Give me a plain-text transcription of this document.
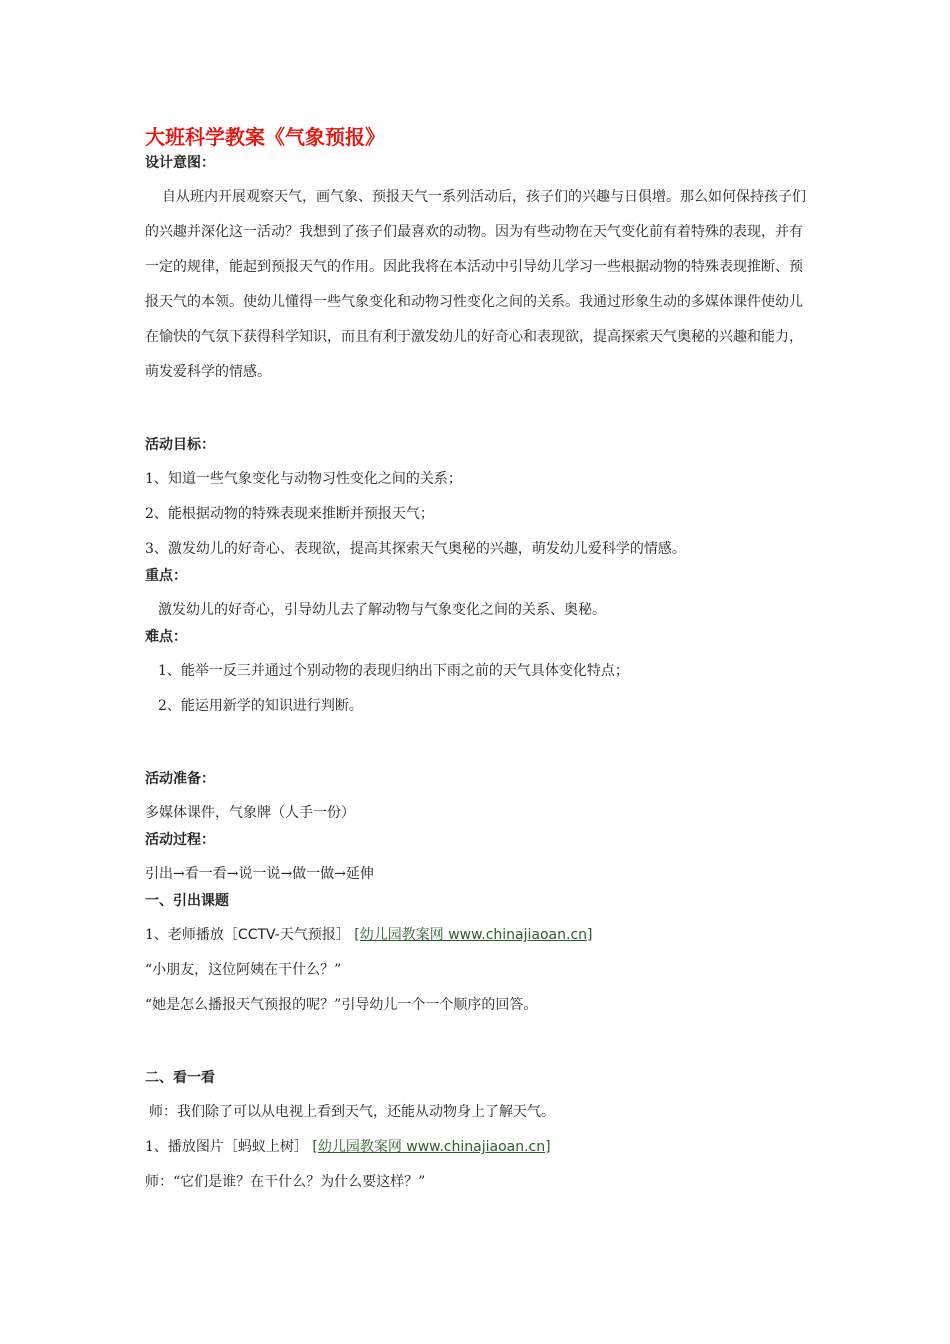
大班科学教案《气象预报》

设计意图：

自从班内开展观察天气，画气象、预报天气一系列活动后，孩子们的兴趣与日俱增。那么如何保持孩子们的兴趣并深化这一活动？我想到了孩子们最喜欢的动物。因为有些动物在天气变化前有着特殊的表现，并有一定的规律，能起到预报天气的作用。因此我将在本活动中引导幼儿学习一些根据动物的特殊表现推断、预报天气的本领。使幼儿懂得一些气象变化和动物习性变化之间的关系。我通过形象生动的多媒体课件使幼儿在愉快的气氛下获得科学知识，而且有利于激发幼儿的好奇心和表现欲，提高探索天气奥秘的兴趣和能力，萌发爱科学的情感。

活动目标：

1、知道一些气象变化与动物习性变化之间的关系；

2、能根据动物的特殊表现来推断并预报天气；

3、激发幼儿的好奇心、表现欲，提高其探索天气奥秘的兴趣，萌发幼儿爱科学的情感。

重点：

激发幼儿的好奇心，引导幼儿去了解动物与气象变化之间的关系、奥秘。

难点：

1、能举一反三并通过个别动物的表现归纳出下雨之前的天气具体变化特点；

2、能运用新学的知识进行判断。

活动准备：

多媒体课件，气象牌（人手一份）

活动过程：

引出→看一看→说一说→做一做→延伸

一、引出课题

1、老师播放［CCTV-天气预报］ [幼儿园教案网 www.chinajiaoan.cn]

“小朋友，这位阿姨在干什么？”

“她是怎么播报天气预报的呢？”引导幼儿一个一个顺序的回答。

二、看一看

师：我们除了可以从电视上看到天气，还能从动物身上了解天气。

1、播放图片［蚂蚁上树］ [幼儿园教案网 www.chinajiaoan.cn]

师：“它们是谁？在干什么？为什么要这样？”
